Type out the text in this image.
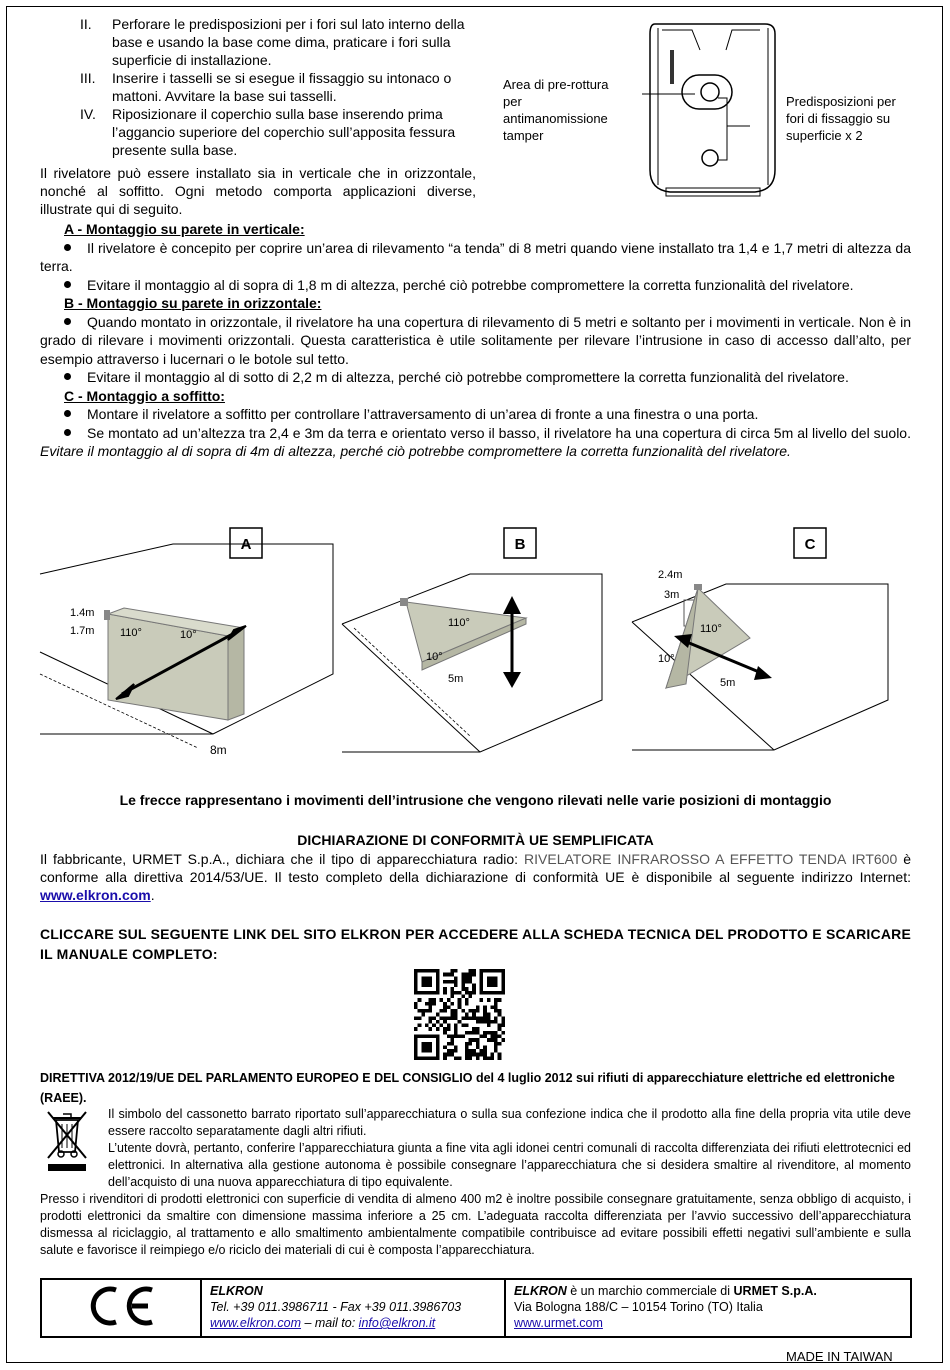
II.	Perforare le predisposizioni per i fori sul lato interno della base e usando la base come dima, praticare i fori sulla superficie di installazione.
III.	Inserire i tasselli se si esegue il fissaggio su intonaco o mattoni. Avvitare la base sui tasselli.
IV.	Riposizionare il coperchio sulla base inserendo prima l’aggancio superiore del coperchio sull’apposita fessura presente sulla base.
Il rivelatore può essere installato sia in verticale che in orizzontale, nonché al soffitto. Ogni metodo comporta applicazioni diverse, illustrate qui di seguito.
Area di pre-rottura per antimanomissione tamper
Predisposizioni per fori di fissaggio su superficie x 2
A - Montaggio su parete in verticale:
Il rivelatore è concepito per coprire un’area di rilevamento “a tenda” di 8 metri quando viene installato tra 1,4 e 1,7 metri di altezza da terra.
Evitare il montaggio al di sopra di 1,8 m di altezza, perché ciò potrebbe compromettere la corretta funzionalità del rivelatore.
B - Montaggio su parete in orizzontale:
Quando montato in orizzontale, il rivelatore ha una copertura di rilevamento di 5 metri e soltanto per i movimenti in verticale. Non è in grado di rilevare i movimenti orizzontali. Questa caratteristica è utile solitamente per rilevare l’intrusione in caso di accesso dall’alto, per esempio attraverso i lucernari o le botole sul tetto.
Evitare il montaggio al di sotto di 2,2 m di altezza, perché ciò potrebbe compromettere la corretta funzionalità del rivelatore.
C - Montaggio a soffitto:
Montare il rivelatore a soffitto per controllare l’attraversamento di un’area di fronte a una finestra o una porta.
Se montato ad un’altezza tra 2,4 e 3m da terra e orientato verso il basso, il rivelatore ha una copertura di circa 5m al livello del suolo. Evitare il montaggio al di sopra di 4m di altezza, perché ciò potrebbe compromettere la corretta funzionalità del rivelatore.
A
1.4m
1.7m 110°	10°
8m
B
110°
10°
5m
C
2.4m
3m
110°
10°
5m
Le frecce rappresentano i movimenti dell’intrusione che vengono rilevati nelle varie posizioni di montaggio
DICHIARAZIONE DI CONFORMITÀ UE SEMPLIFICATA
Il fabbricante, URMET S.p.A., dichiara che il tipo di apparecchiatura radio: RIVELATORE INFRAROSSO A EFFETTO TENDA IRT600 è conforme alla direttiva 2014/53/UE. Il testo completo della dichiarazione di conformità UE è disponibile al seguente indirizzo Internet: www.elkron.com.
CLICCARE SUL SEGUENTE LINK DEL SITO ELKRON PER ACCEDERE ALLA SCHEDA TECNICA DEL PRODOTTO E SCARICARE IL MANUALE COMPLETO:
DIRETTIVA 2012/19/UE DEL PARLAMENTO EUROPEO E DEL CONSIGLIO del 4 luglio 2012 sui rifiuti di apparecchiature elettriche ed elettroniche (RAEE).
Il simbolo del cassonetto barrato riportato sull’apparecchiatura o sulla sua confezione indica che il prodotto alla fine della propria vita utile deve essere raccolto separatamente dagli altri rifiuti.
L’utente dovrà, pertanto, conferire l’apparecchiatura giunta a fine vita agli idonei centri comunali di raccolta differenziata dei rifiuti elettrotecnici ed elettronici. In alternativa alla gestione autonoma è possibile consegnare l’apparecchiatura che si desidera smaltire al rivenditore, al momento dell’acquisto di una nuova apparecchiatura di tipo equivalente.
Presso i rivenditori di prodotti elettronici con superficie di vendita di almeno 400 m2 è inoltre possibile consegnare gratuitamente, senza obbligo di acquisto, i prodotti elettronici da smaltire con dimensione massima inferiore a 25 cm. L’adeguata raccolta differenziata per l’avvio successivo dell’apparecchiatura dismessa al riciclaggio, al trattamento e allo smaltimento ambientalmente compatibile contribuisce ad evitare possibili effetti negativi sull’ambiente e sulla salute e favorisce il reimpiego e/o riciclo dei materiali di cui è composta l’apparecchiatura.

ELKRON
Tel. +39 011.3986711 - Fax +39 011.3986703
www.elkron.com – mail to: info@elkron.it

ELKRON è un marchio commerciale di URMET S.p.A.
Via Bologna 188/C – 10154 Torino (TO) Italia
www.urmet.com
MADE IN TAIWAN
